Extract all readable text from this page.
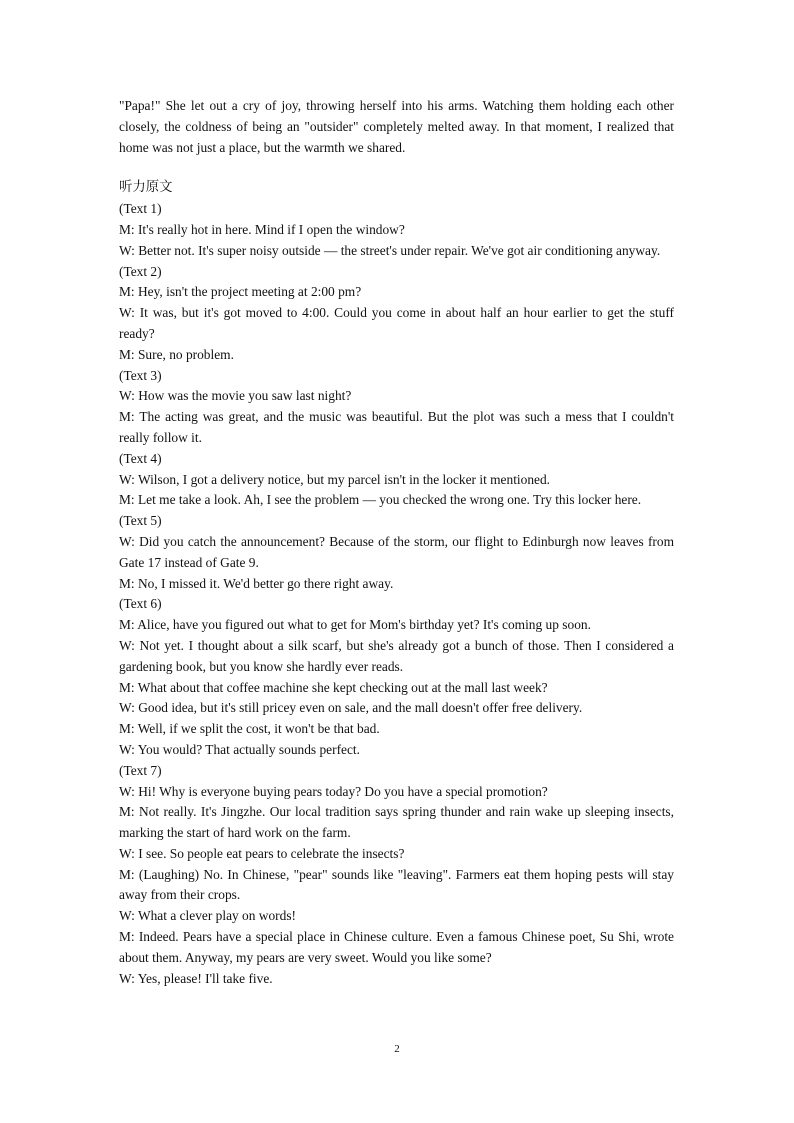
"Papa!" She let out a cry of joy, throwing herself into his arms. Watching them holding each other closely, the coldness of being an "outsider" completely melted away. In that moment, I realized that home was not just a place, but the warmth we shared.

听力原文

(Text 1)

M: It's really hot in here. Mind if I open the window?

W: Better not. It's super noisy outside — the street's under repair. We've got air conditioning anyway.

(Text 2)

M: Hey, isn't the project meeting at 2:00 pm?

W: It was, but it's got moved to 4:00. Could you come in about half an hour earlier to get the stuff ready?

M: Sure, no problem.

(Text 3)

W: How was the movie you saw last night?

M: The acting was great, and the music was beautiful. But the plot was such a mess that I couldn't really follow it.

(Text 4)

W: Wilson, I got a delivery notice, but my parcel isn't in the locker it mentioned.

M: Let me take a look. Ah, I see the problem — you checked the wrong one. Try this locker here.

(Text 5)

W: Did you catch the announcement? Because of the storm, our flight to Edinburgh now leaves from Gate 17 instead of Gate 9.

M: No, I missed it. We'd better go there right away.

(Text 6)

M: Alice, have you figured out what to get for Mom's birthday yet? It's coming up soon.

W: Not yet. I thought about a silk scarf, but she's already got a bunch of those. Then I considered a gardening book, but you know she hardly ever reads.

M: What about that coffee machine she kept checking out at the mall last week?

W: Good idea, but it's still pricey even on sale, and the mall doesn't offer free delivery.

M: Well, if we split the cost, it won't be that bad.

W: You would? That actually sounds perfect.

(Text 7)

W: Hi! Why is everyone buying pears today? Do you have a special promotion?

M: Not really. It's Jingzhe. Our local tradition says spring thunder and rain wake up sleeping insects, marking the start of hard work on the farm.

W: I see. So people eat pears to celebrate the insects?

M: (Laughing) No. In Chinese, "pear" sounds like "leaving". Farmers eat them hoping pests will stay away from their crops.

W: What a clever play on words!

M: Indeed. Pears have a special place in Chinese culture. Even a famous Chinese poet, Su Shi, wrote about them. Anyway, my pears are very sweet. Would you like some?

W: Yes, please! I'll take five.

2
